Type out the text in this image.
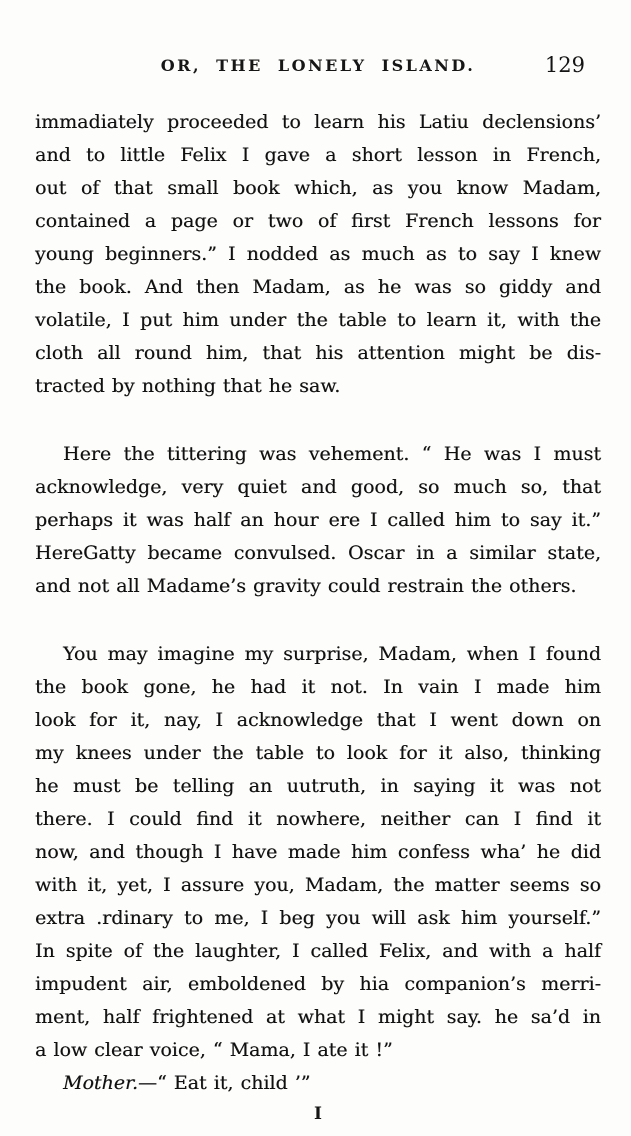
OR, THE LONELY ISLAND.	129
immadiately proceeded to learn his Latiu declensions’
and to little Felix I gave a short lesson in French,
out of that small book which, as you know Madam,
contained a page or two of first French lessons for
young beginners.” I nodded as much as to say I knew
the book. And then Madam, as he was so giddy and
volatile, I put him under the table to learn it, with the
cloth all round him, that his attention might be dis-
tracted by nothing that he saw.
Here the tittering was vehement. “ He was I must
acknowledge, very quiet and good, so much so, that
perhaps it was half an hour ere I called him to say it.”
HereGatty became convulsed. Oscar in a similar state,
and not all Madame’s gravity could restrain the others.
You may imagine my surprise, Madam, when I found
the book gone, he had it not. In vain I made him
look for it, nay, I acknowledge that I went down on
my knees under the table to look for it also, thinking
he must be telling an uutruth, in saying it was not
there. I could find it nowhere, neither can I find it
now, and though I have made him confess wha’ he did
with it, yet, I assure you, Madam, the matter seems so
extra .rdinary to me, I beg you will ask him yourself.”
In spite of the laughter, I called Felix, and with a half
impudent air, emboldened by hia companion’s merri-
ment, half frightened at what I might say. he sa’d in
a low clear voice, “ Mama, I ate it !”
Mother.—“ Eat it, child ’”
I
